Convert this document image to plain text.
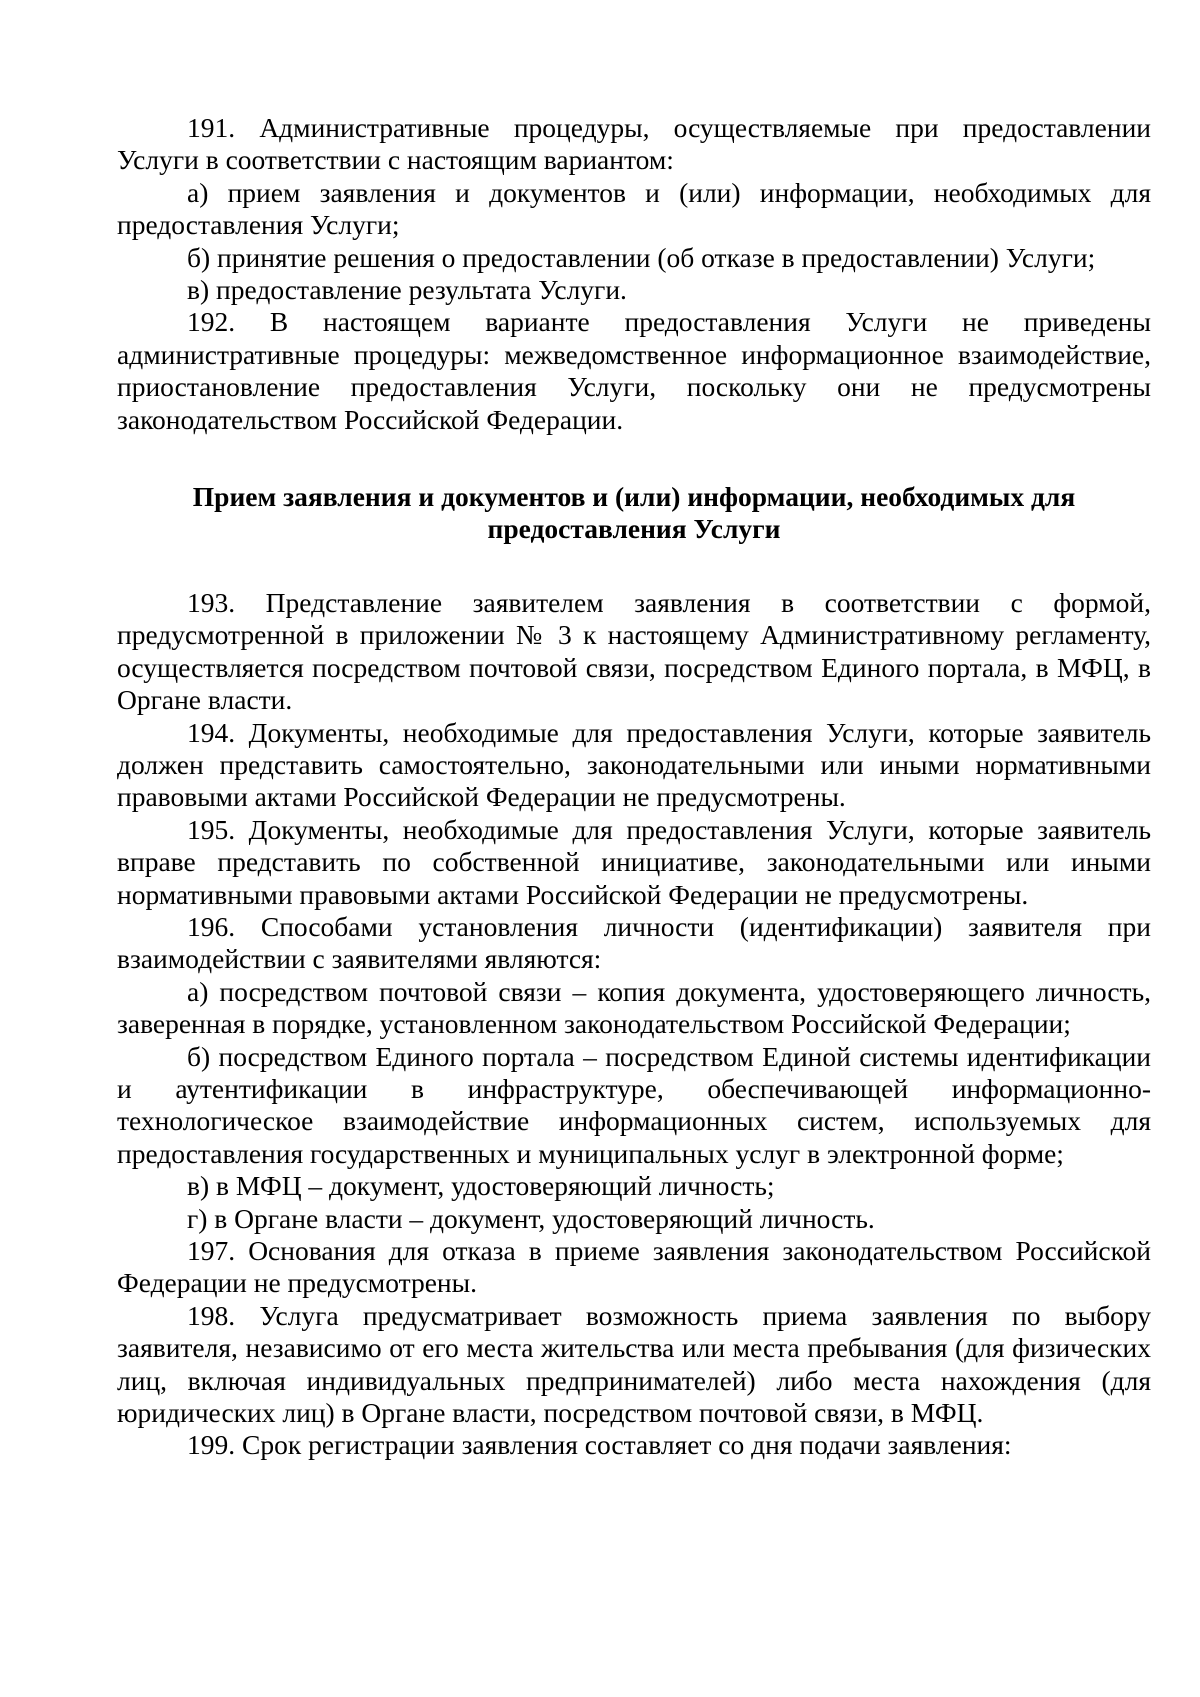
191. Административные процедуры, осуществляемые при предоставлении Услуги в соответствии с настоящим вариантом:

а) прием заявления и документов и (или) информации, необходимых для предоставления Услуги;

б) принятие решения о предоставлении (об отказе в предоставлении) Услуги;

в) предоставление результата Услуги.

192. В настоящем варианте предоставления Услуги не приведены административные процедуры: межведомственное информационное взаимодействие, приостановление предоставления Услуги, поскольку они не предусмотрены законодательством Российской Федерации.

Прием заявления и документов и (или) информации, необходимых для предоставления Услуги

193. Представление заявителем заявления в соответствии с формой, предусмотренной в приложении № 3 к настоящему Административному регламенту, осуществляется посредством почтовой связи, посредством Единого портала, в МФЦ, в Органе власти.

194. Документы, необходимые для предоставления Услуги, которые заявитель должен представить самостоятельно, законодательными или иными нормативными правовыми актами Российской Федерации не предусмотрены.

195. Документы, необходимые для предоставления Услуги, которые заявитель вправе представить по собственной инициативе, законодательными или иными нормативными правовыми актами Российской Федерации не предусмотрены.

196. Способами установления личности (идентификации) заявителя при взаимодействии с заявителями являются:

а) посредством почтовой связи – копия документа, удостоверяющего личность, заверенная в порядке, установленном законодательством Российской Федерации;

б) посредством Единого портала – посредством Единой системы идентификации и аутентификации в инфраструктуре, обеспечивающей информационно-технологическое взаимодействие информационных систем, используемых для предоставления государственных и муниципальных услуг в электронной форме;

в) в МФЦ – документ, удостоверяющий личность;

г) в Органе власти – документ, удостоверяющий личность.

197. Основания для отказа в приеме заявления законодательством Российской Федерации не предусмотрены.

198. Услуга предусматривает возможность приема заявления по выбору заявителя, независимо от его места жительства или места пребывания (для физических лиц, включая индивидуальных предпринимателей) либо места нахождения (для юридических лиц) в Органе власти, посредством почтовой связи, в МФЦ.

199. Срок регистрации заявления составляет со дня подачи заявления:
